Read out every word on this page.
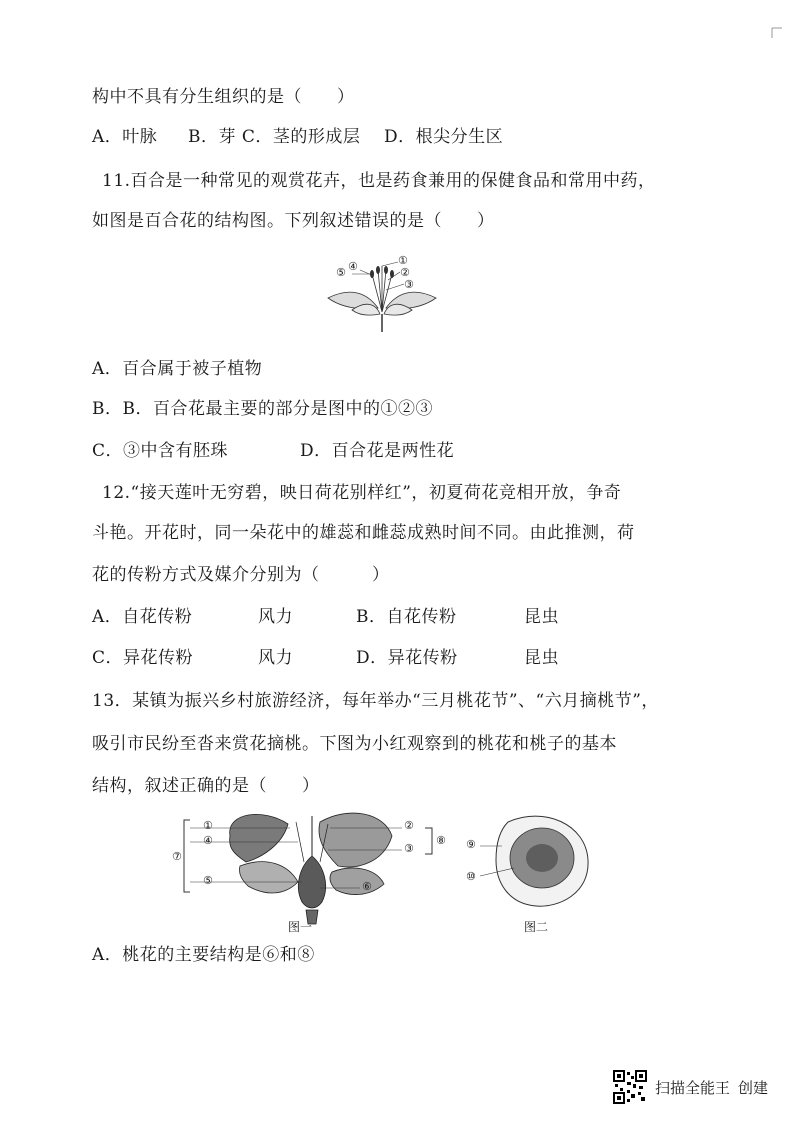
构中不具有分生组织的是（　　）
A．叶脉 B．芽 C．茎的形成层 D．根尖分生区
11.百合是一种常见的观赏花卉，也是药食兼用的保健食品和常用中药，
如图是百合花的结构图。下列叙述错误的是（　　）
⑤ ④	①
②
③
A．百合属于被子植物
B．B．百合花最主要的部分是图中的①②③
C．③中含有胚珠	D．百合花是两性花
12.“接天莲叶无穷碧，映日荷花别样红”，初夏荷花竞相开放，争奇
斗艳。开花时，同一朵花中的雄蕊和雌蕊成熟时间不同。由此推测，荷
花的传粉方式及媒介分别为（　　　）
A．自花传粉	风力	B．自花传粉	昆虫
C．异花传粉	风力	D．异花传粉	昆虫
13．某镇为振兴乡村旅游经济，每年举办“三月桃花节”、“六月摘桃节”，
吸引市民纷至沓来赏花摘桃。下图为小红观察到的桃花和桃子的基本
结构，叙述正确的是（　　）
①
④
⑦
⑤
②
③
⑧
⑥
图一
⑨
⑩
图二
A．桃花的主要结构是⑥和⑧
扫描全能王 创建
